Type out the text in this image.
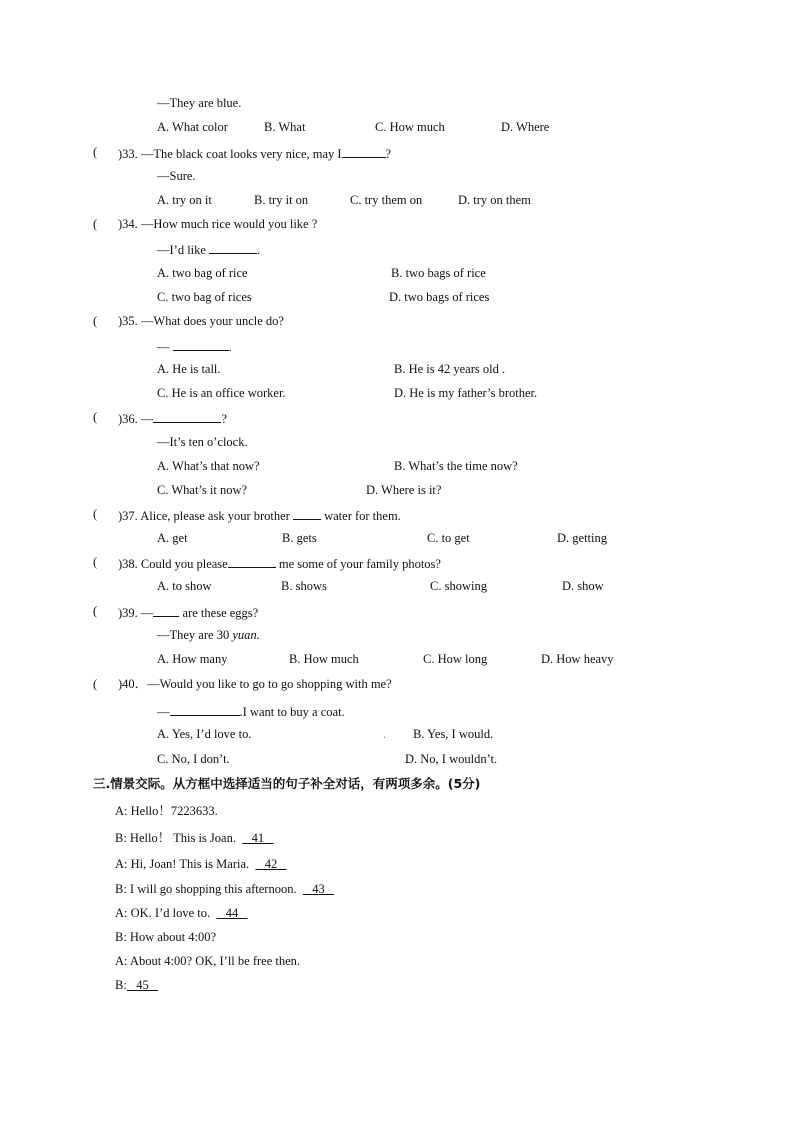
—They are blue.
A. What color	B. What	C. How much	D. Where
( )33. —The black coat looks very nice, may I	?
—Sure.
A. try on it	B. try it on	C. try them on	D. try on them
( )34. —How much rice would you like ?
—I’d like	.
A. two bag of rice	B. two bags of rice
C. two bag of rices	D. two bags of rices
( )35. —What does your uncle do?
—	.
A. He is tall.	B. He is 42 years old .
C. He is an office worker.	D. He is my father’s brother.
( )36. —	?
—It’s ten o’clock.
A. What’s that now?	B. What’s the time now?
C. What’s it now?	D. Where is it?
( )37. Alice, please ask your brother	water for them.
A. get	B. gets	C. to get	D. getting
( )38. Could you please	me some of your family photos?
A. to show	B. shows	C. showing	D. show
( )39. — are these eggs?
—They are 30 yuan.
A. How many	B. How much	C. How long	D. How heavy
( )40．—Would you like to go to go shopping with me?
—	.I want to buy a coat.
A. Yes, I’d love to.	. B. Yes, I would.
C. No, I don’t.	D. No, I wouldn’t.
三.情景交际。从方框中选择适当的句子补全对话，有两项多余。(5分)
A: Hello！7223633.
B: Hello！ This is Joan. 41
A: Hi, Joan! This is Maria. 42
B: I will go shopping this afternoon. 43
A: OK. I’d love to. 44
B: How about 4:00?
A: About 4:00? OK, I’ll be free then.
B: 45
